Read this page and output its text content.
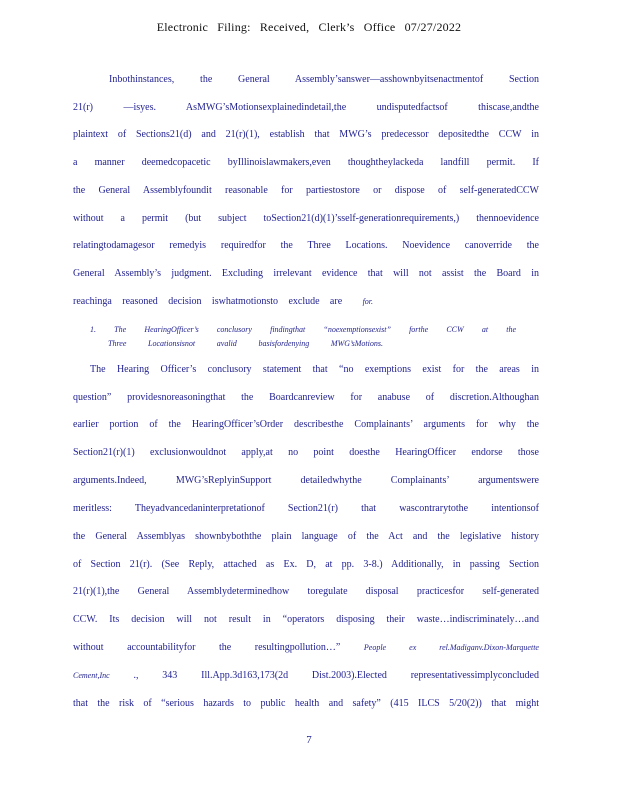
Electronic Filing: Received, Clerk’s Office 07/27/2022
Inbothinstances, the General Assembly’sanswer—asshownbyitsenactmentof Section
21(r) —isyes. AsMWG’sMotionsexplainedindetail,the undisputedfactsof thiscase,andthe
plaintext of Sections21(d) and 21(r)(1), establish that MWG’s predecessor depositedthe CCW in
a manner deemedcopacetic byIllinoislawmakers,even thoughtheylackeda landfill permit. If
the General Assemblyfoundit reasonable for partiestostore or dispose of self-generatedCCW
without a permit (but subject toSection21(d)(1)’sself-generationrequirements,) thennoevidence
relatingtodamagesor remedyis requiredfor the Three Locations. Noevidence canoverride the
General Assembly’s judgment. Excluding irrelevant evidence that will not assist the Board in
reachinga reasoned decision iswhatmotionsto exclude are	for.
1. The HearingOfficer’s conclusory findingthat “noexemptionsexist” forthe CCW at the
Three Locationsisnot avalid basisfordenying MWG’sMotions.
The Hearing Officer’s conclusory statement that “no exemptions exist for the areas in
question” providesnoreasoningthat the Boardcanreview for anabuse of discretion.Althoughan
earlier portion of the HearingOfficer’sOrder describesthe Complainants’ arguments for why the
Section21(r)(1) exclusionwouldnot apply,at no point doesthe HearingOfficer endorse those
arguments.Indeed, MWG’sReplyinSupport detailedwhythe Complainants’ argumentswere
meritless: Theyadvancedaninterpretationof Section21(r) that wascontrarytothe intentionsof
the General Assemblyas shownbyboththe plain language of the Act and the legislative history
of Section 21(r). (See Reply, attached as Ex. D, at pp. 3-8.) Additionally, in passing Section
21(r)(1),the General Assemblydeterminedhow toregulate disposal practicesfor self-generated
CCW. Its decision will not result in “operators disposing their waste…indiscriminately…and
without accountabilityfor the resultingpollution…”	People ex rel.Madiganv.Dixon-Marquette
Cement,Inc ., 343 Ill.App.3d163,173(2d Dist.2003).Elected representativessimplyconcluded
that the risk of “serious hazards to public health and safety” (415 ILCS 5/20(2)) that might
7
